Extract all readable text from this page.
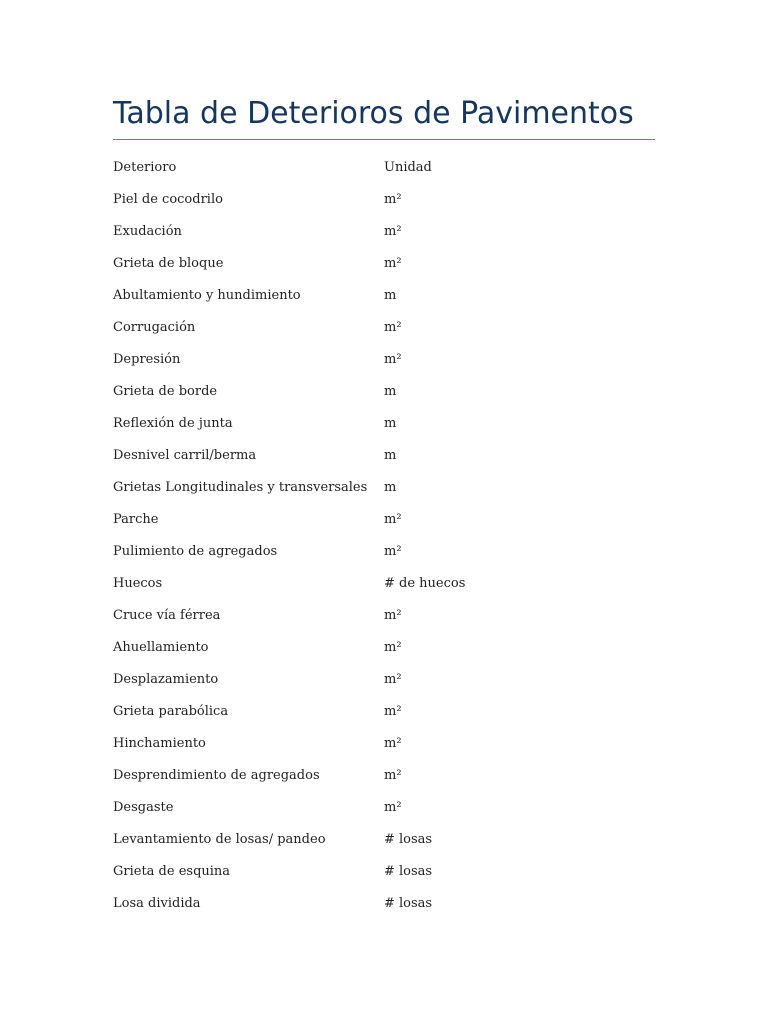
Tabla de Deterioros de Pavimentos
Deterioro	Unidad
Piel de cocodrilo	m²
Exudación	m²
Grieta de bloque	m²
Abultamiento y hundimiento	m
Corrugación	m²
Depresión	m²
Grieta de borde	m
Reflexión de junta	m
Desnivel carril/berma	m
Grietas Longitudinales y transversales	m
Parche	m²
Pulimiento de agregados	m²
Huecos	# de huecos
Cruce vía férrea	m²
Ahuellamiento	m²
Desplazamiento	m²
Grieta parabólica	m²
Hinchamiento	m²
Desprendimiento de agregados	m²
Desgaste	m²
Levantamiento de losas/ pandeo	# losas
Grieta de esquina	# losas
Losa dividida	# losas
